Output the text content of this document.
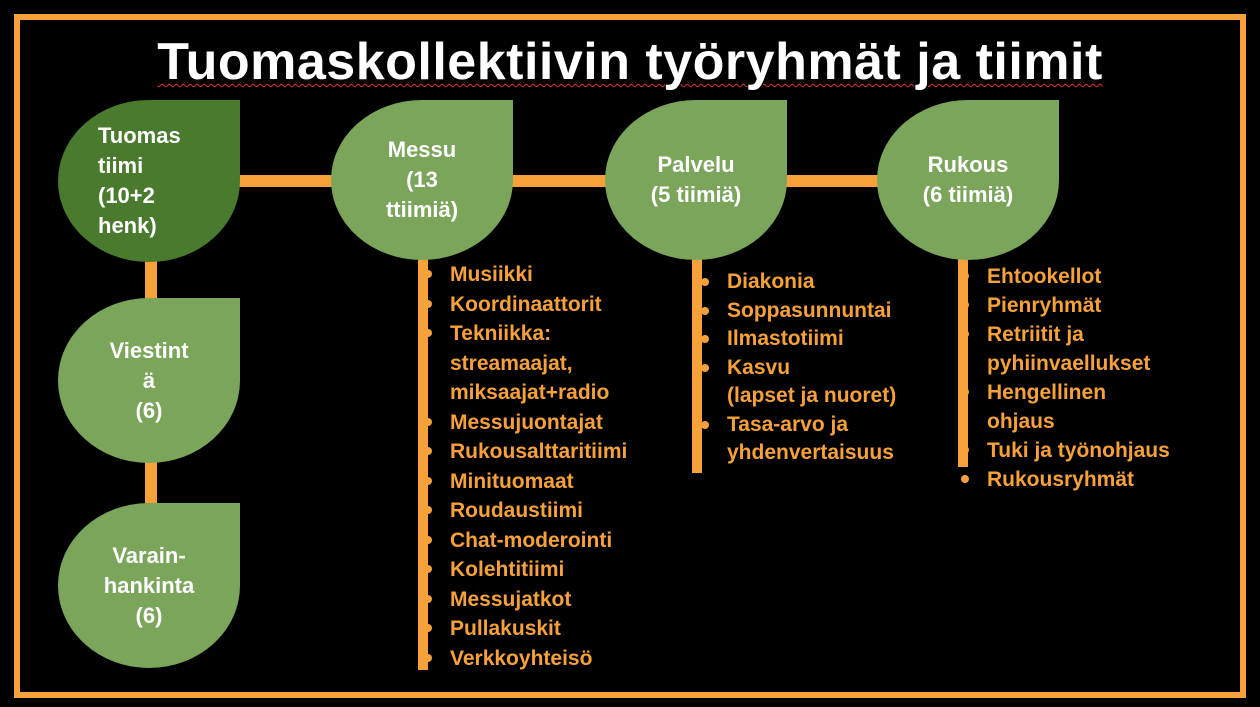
Tuomaskollektiivin työryhmät ja tiimit
Tuomas
tiimi
(10+2
henk)
Viestint
ä
(6)
Varain-
hankinta
(6)
Messu
(13
ttiimiä)
Palvelu
(5 tiimiä)
Rukous
(6 tiimiä)
Musiikki
Koordinaattorit
Tekniikka:
streamaajat,
miksaajat+radio
Messujuontajat
Rukousalttaritiimi
Minituomaat
Roudaustiimi
Chat-moderointi
Kolehtitiimi
Messujatkot
Pullakuskit
Verkkoyhteisö
Diakonia
Soppasunnuntai
Ilmastotiimi
Kasvu
(lapset ja nuoret)
Tasa-arvo ja
yhdenvertaisuus
Ehtookellot
Pienryhmät
Retriitit ja
pyhiinvaellukset
Hengellinen
ohjaus
Tuki ja työnohjaus
Rukousryhmät
